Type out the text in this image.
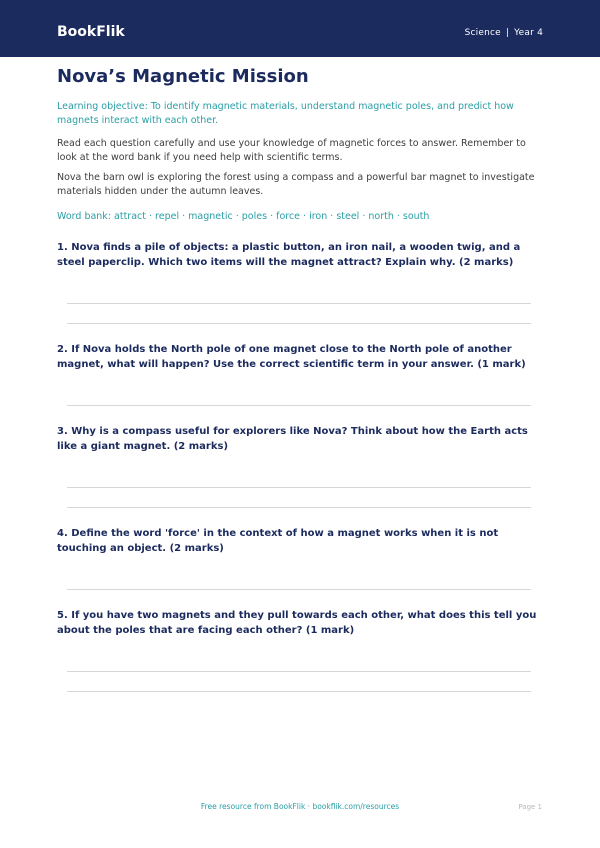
BookFlik	Science | Year 4
Nova’s Magnetic Mission
Learning objective: To identify magnetic materials, understand magnetic poles, and predict how magnets interact with each other.
Read each question carefully and use your knowledge of magnetic forces to answer. Remember to look at the word bank if you need help with scientific terms.
Nova the barn owl is exploring the forest using a compass and a powerful bar magnet to investigate materials hidden under the autumn leaves.
Word bank: attract · repel · magnetic · poles · force · iron · steel · north · south
1. Nova finds a pile of objects: a plastic button, an iron nail, a wooden twig, and a steel paperclip. Which two items will the magnet attract? Explain why. (2 marks)
2. If Nova holds the North pole of one magnet close to the North pole of another magnet, what will happen? Use the correct scientific term in your answer. (1 mark)
3. Why is a compass useful for explorers like Nova? Think about how the Earth acts like a giant magnet. (2 marks)
4. Define the word 'force' in the context of how a magnet works when it is not touching an object. (2 marks)
5. If you have two magnets and they pull towards each other, what does this tell you about the poles that are facing each other? (1 mark)
Free resource from BookFlik · bookflik.com/resources	Page 1
